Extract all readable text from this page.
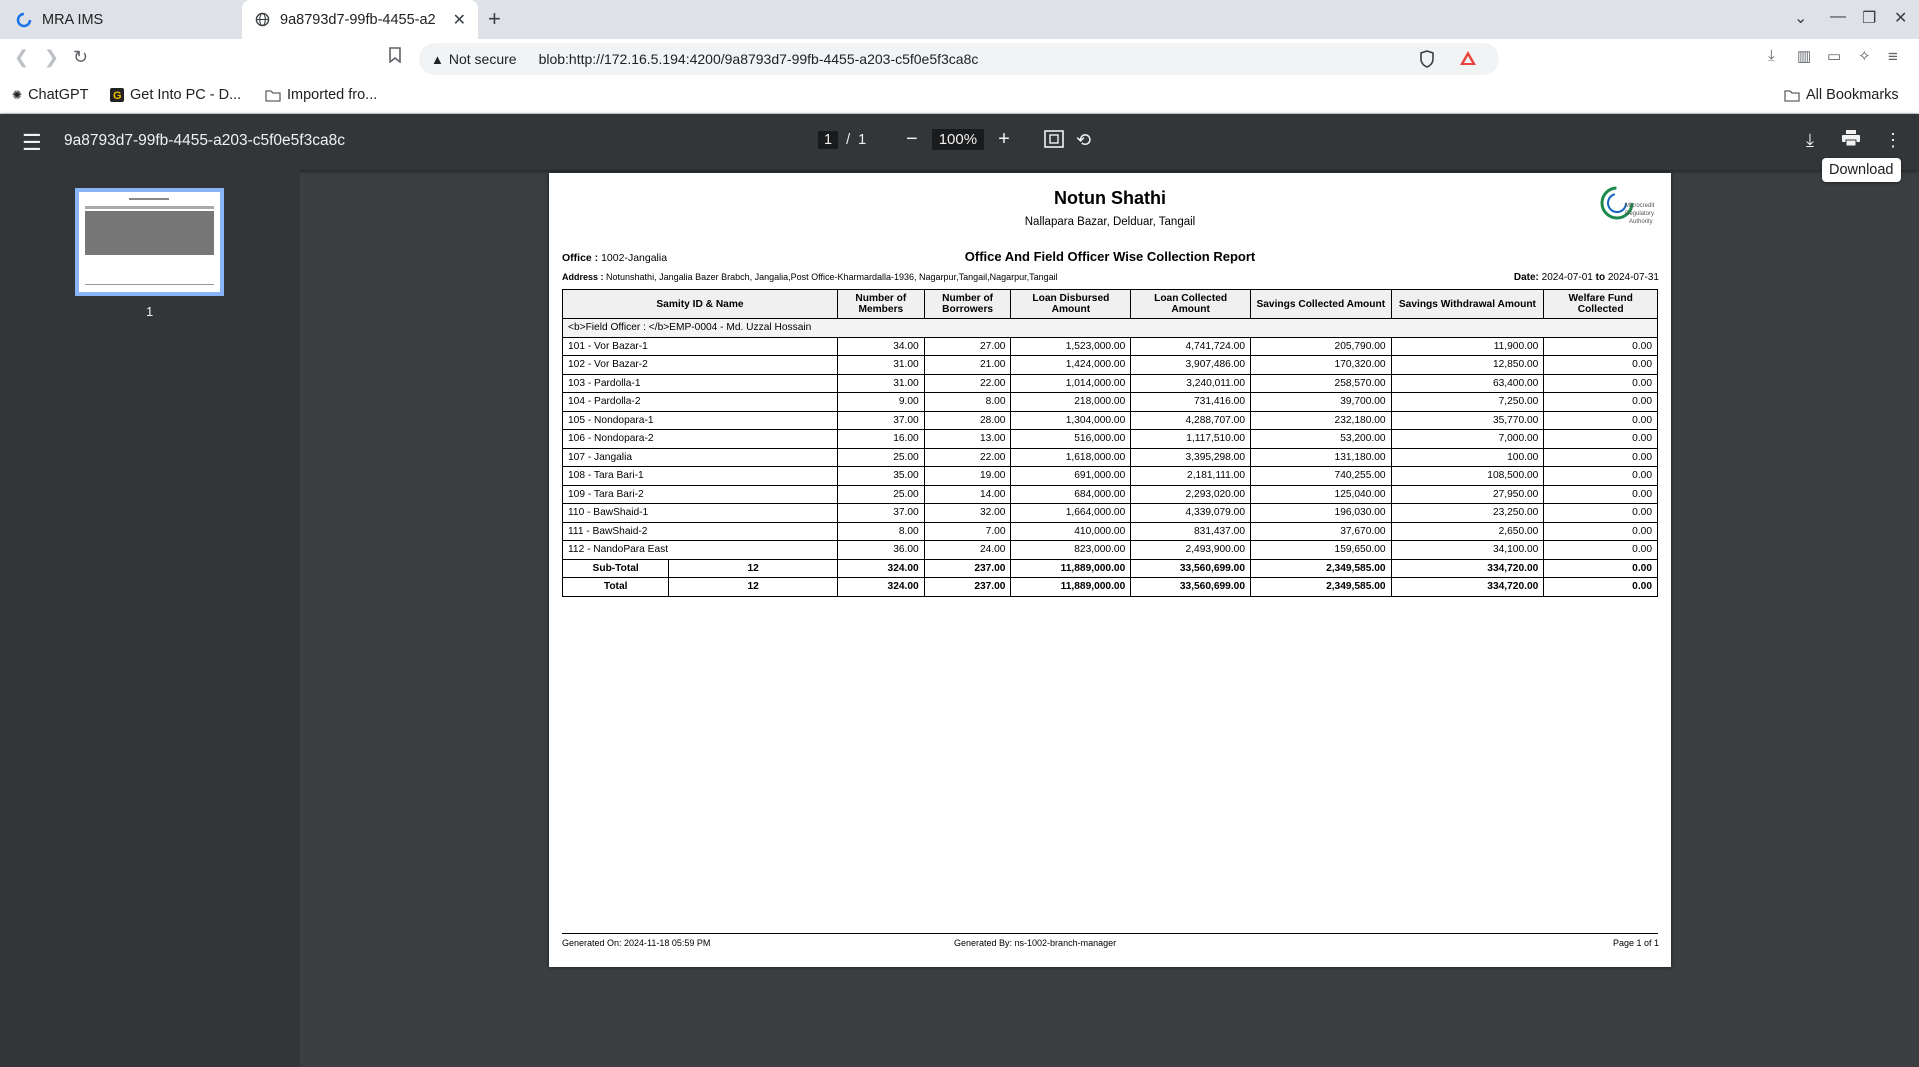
MRA IMS	9a8793d7-99fb-4455-a2 ✕ +	⌄ — ❐ ✕
❮ ❯ ↻	▲ Not secure blob:http://172.16.5.194:4200/9a8793d7-99fb-4455-a203-c5f0e5f3ca8c	⤓ ▥ ▭ ✧ ≡
✺ ChatGPT G Get Into PC - D...	Imported fro...	All Bookmarks
☰ 9a8793d7-99fb-4455-a203-c5f0e5f3ca8c	1 / 1 −	100%	+	⟲	⤓	⋮
Download
1
Notun Shathi
Nallapara Bazar, Delduar, Tangail
Microcredit
Regulatory
Authority
Office : 1002-Jangalia	Office And Field Officer Wise Collection Report
Address : Notunshathi, Jangalia Bazer Brabch, Jangalia,Post Office-Kharmardalla-1936, Nagarpur,Tangail,Nagarpur,Tangail	Date: 2024-07-01 to 2024-07-31
Samity ID & Name		Number of Members	Number of Borrowers	Loan Disbursed Amount	Loan Collected Amount	Savings Collected Amount	Savings Withdrawal Amount	Welfare Fund Collected
<b>Field Officer : </b>EMP-0004 - Md. Uzzal Hossain								
101 - Vor Bazar-1		34.00	27.00	1,523,000.00	4,741,724.00	205,790.00	11,900.00	0.00
102 - Vor Bazar-2		31.00	21.00	1,424,000.00	3,907,486.00	170,320.00	12,850.00	0.00
103 - Pardolla-1		31.00	22.00	1,014,000.00	3,240,011.00	258,570.00	63,400.00	0.00
104 - Pardolla-2		9.00	8.00	218,000.00	731,416.00	39,700.00	7,250.00	0.00
105 - Nondopara-1		37.00	28.00	1,304,000.00	4,288,707.00	232,180.00	35,770.00	0.00
106 - Nondopara-2		16.00	13.00	516,000.00	1,117,510.00	53,200.00	7,000.00	0.00
107 - Jangalia		25.00	22.00	1,618,000.00	3,395,298.00	131,180.00	100.00	0.00
108 - Tara Bari-1		35.00	19.00	691,000.00	2,181,111.00	740,255.00	108,500.00	0.00
109 - Tara Bari-2		25.00	14.00	684,000.00	2,293,020.00	125,040.00	27,950.00	0.00
110 - BawShaid-1		37.00	32.00	1,664,000.00	4,339,079.00	196,030.00	23,250.00	0.00
111 - BawShaid-2		8.00	7.00	410,000.00	831,437.00	37,670.00	2,650.00	0.00
112 - NandoPara East		36.00	24.00	823,000.00	2,493,900.00	159,650.00	34,100.00	0.00
Sub-Total	12	324.00	237.00	11,889,000.00	33,560,699.00	2,349,585.00	334,720.00	0.00
Total	12	324.00	237.00	11,889,000.00	33,560,699.00	2,349,585.00	334,720.00	0.00
Generated On: 2024-11-18 05:59 PM	Generated By: ns-1002-branch-manager	Page 1 of 1
